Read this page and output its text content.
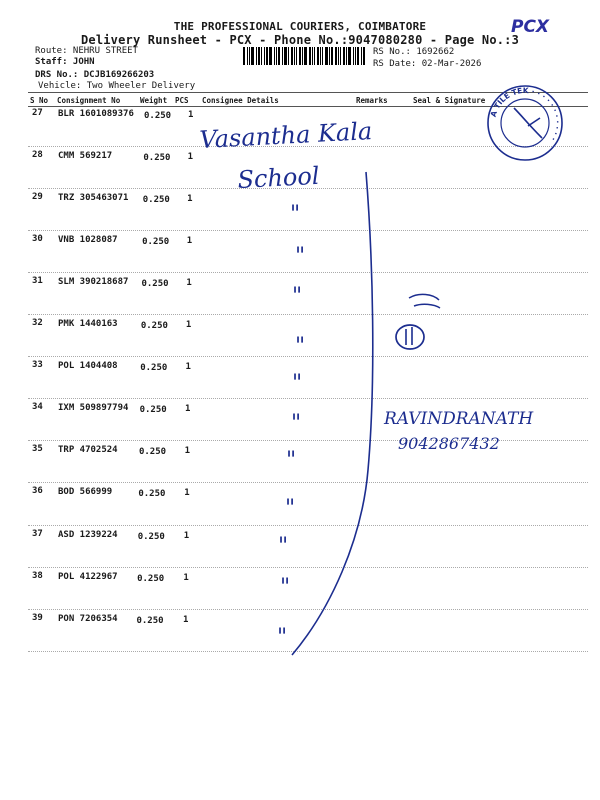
THE PROFESSIONAL COURIERS, COIMBATORE
Delivery Runsheet - PCX - Phone No.:9047080280 - Page No.:3
PCX
Route: NEHRU STREET
Staff: JOHN
DRS No.: DCJB169266203
Vehicle: Two Wheeler Delivery
RS No.: 1692662
RS Date: 02-Mar-2026
S No Consignment No	Weight PCS Consignee Details	Remarks	Seal & Signature
27 BLR 1601089376 0.250 1
28 CMM 569217	0.250 1
29 TRZ 305463071 0.250 1
30 VNB 1028087	0.250 1
31 SLM 390218687 0.250 1
32 PMK 1440163	0.250 1
33 POL 1404408	0.250 1
34 IXM 509897794 0.250 1
35 TRP 4702524 0.250 1
36 BOD 566999	0.250 1
37 ASD 1239224 0.250 1
38 POL 4122967 0.250 1
39 PON 7206354 0.250 1
A TILE TEK · · · · · · · · · · ·
Vasantha Kala
School
"
"
"
"
"
"
"
"
"
"
"
RAVINDRANATH
9042867432
